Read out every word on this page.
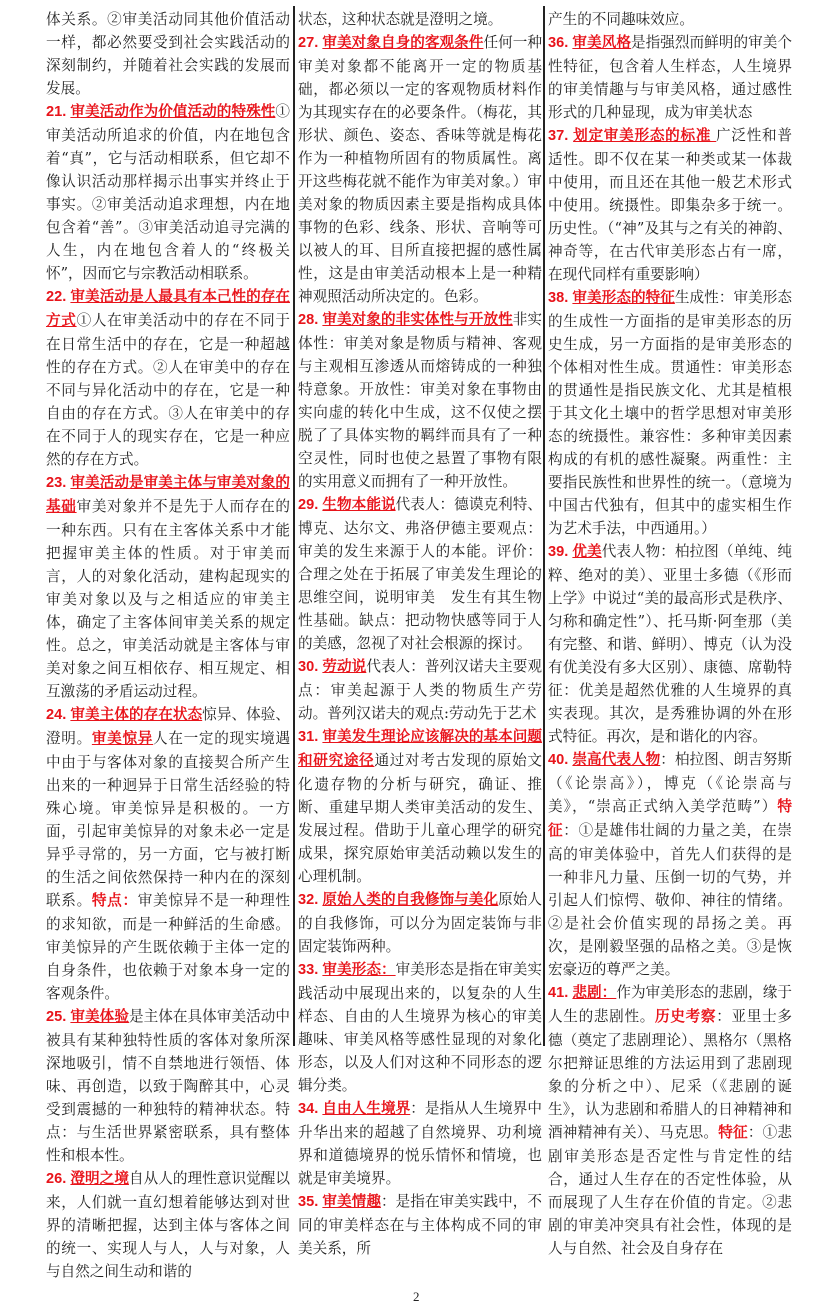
体关系。②审美活动同其他价值活动一样，都必然要受到社会实践活动的深刻制约，并随着社会实践的发展而发展。

21. 审美活动作为价值活动的特殊性①审美活动所追求的价值，内在地包含着“真”，它与活动相联系，但它却不像认识活动那样揭示出事实并终止于事实。②审美活动追求理想，内在地包含着“善”。③审美活动追寻完满的人生，内在地包含着人的“终极关怀”，因而它与宗教活动相联系。

22. 审美活动是人最具有本己性的存在方式①人在审美活动中的存在不同于在日常生活中的存在，它是一种超越性的存在方式。②人在审美中的存在不同与异化活动中的存在，它是一种自由的存在方式。③人在审美中的存在不同于人的现实存在，它是一种应然的存在方式。

23. 审美活动是审美主体与审美对象的基础审美对象并不是先于人而存在的一种东西。只有在主客体关系中才能把握审美主体的性质。对于审美而言，人的对象化活动，建构起现实的审美对象以及与之相适应的审美主体，确定了主客体间审美关系的规定性。总之，审美活动就是主客体与审美对象之间互相依存、相互规定、相互激荡的矛盾运动过程。

24. 审美主体的存在状态惊异、体验、澄明。审美惊异人在一定的现实境遇中由于与客体对象的直接契合所产生出来的一种迥异于日常生活经验的特殊心境。审美惊异是积极的。一方面，引起审美惊异的对象未必一定是异乎寻常的，另一方面，它与被打断的生活之间依然保持一种内在的深刻联系。特点：审美惊异不是一种理性的求知欲，而是一种鲜活的生命感。审美惊异的产生既依赖于主体一定的自身条件，也依赖于对象本身一定的客观条件。

25. 审美体验是主体在具体审美活动中被具有某种独特性质的客体对象所深深地吸引，情不自禁地进行领悟、体味、再创造，以致于陶醉其中，心灵受到震撼的一种独特的精神状态。特点：与生活世界紧密联系，具有整体性和根本性。

26. 澄明之境自从人的理性意识觉醒以来，人们就一直幻想着能够达到对世界的清晰把握，达到主体与客体之间的统一、实现人与人，人与对象，人与自然之间生动和谐的

状态，这种状态就是澄明之境。

27. 审美对象自身的客观条件任何一种审美对象都不能离开一定的物质基础，都必须以一定的客观物质材料作为其现实存在的必要条件。（梅花，其形状、颜色、姿态、香味等就是梅花作为一种植物所固有的物质属性。离开这些梅花就不能作为审美对象。）审美对象的物质因素主要是指构成具体事物的色彩、线条、形状、音响等可以被人的耳、目所直接把握的感性属性，这是由审美活动根本上是一种精神观照活动所决定的。色彩。

28. 审美对象的非实体性与开放性非实体性：审美对象是物质与精神、客观与主观相互渗透从而熔铸成的一种独特意象。开放性：审美对象在事物由实向虚的转化中生成，这不仅使之摆脱了了具体实物的羁绊而具有了一种空灵性，同时也使之悬置了事物有限的实用意义而拥有了一种开放性。

29. 生物本能说代表人：德谟克利特、博克、达尔文、弗洛伊德主要观点：审美的发生来源于人的本能。评价：合理之处在于拓展了审美发生理论的思维空间，说明审美　发生有其生物性基础。缺点：把动物快感等同于人的美感，忽视了对社会根源的探讨。

30. 劳动说代表人：普列汉诺夫主要观点：审美起源于人类的物质生产劳动。普列汉诺夫的观点:劳动先于艺术

31. 审美发生理论应该解决的基本问题和研究途径通过对考古发现的原始文化遗存物的分析与研究，确证、推断、重建早期人类审美活动的发生、发展过程。借助于儿童心理学的研究成果，探究原始审美活动赖以发生的心理机制。

32. 原始人类的自我修饰与美化原始人的自我修饰，可以分为固定装饰与非固定装饰两种。

33. 审美形态：审美形态是指在审美实践活动中展现出来的，以复杂的人生样态、自由的人生境界为核心的审美趣味、审美风格等感性显现的对象化形态，以及人们对这种不同形态的逻辑分类。

34. 自由人生境界：是指从人生境界中升华出来的超越了自然境界、功利境界和道德境界的悦乐情怀和情境，也就是审美境界。

35. 审美情趣：是指在审美实践中，不同的审美样态在与主体构成不同的审美关系，所

产生的不同趣味效应。

36. 审美风格是指强烈而鲜明的审美个性特征，包含着人生样态，人生境界的审美情趣与与审美风格，通过感性形式的几种显现，成为审美状态

37. 划定审美形态的标准 广泛性和普适性。即不仅在某一种类或某一体裁中使用，而且还在其他一般艺术形式中使用。统摄性。即集杂多于统一。历史性。（“神”及其与之有关的神韵、神奇等，在古代审美形态占有一席，在现代同样有重要影响）

38. 审美形态的特征生成性：审美形态的生成性一方面指的是审美形态的历史生成，另一方面指的是审美形态的个体相对性生成。贯通性：审美形态的贯通性是指民族文化、尤其是植根于其文化土壤中的哲学思想对审美形态的统摄性。兼容性：多种审美因素构成的有机的感性凝聚。两重性：主要指民族性和世界性的统一。（意境为中国古代独有，但其中的虚实相生作为艺术手法，中西通用。）

39. 优美代表人物：柏拉图（单纯、纯粹、绝对的美）、亚里士多德（《形而上学》中说过“美的最高形式是秩序、匀称和确定性”）、托马斯·阿奎那（美有完整、和谐、鲜明）、博克（认为没有优美没有多大区别）、康德、席勒特征：优美是超然优雅的人生境界的真实表现。其次，是秀雅协调的外在形式特征。再次，是和谐化的内容。

40. 崇高代表人物：柏拉图、朗吉努斯（《论崇高》），博克（《论崇高与美》，“崇高正式纳入美学范畴”）特征：①是雄伟壮阔的力量之美，在崇高的审美体验中，首先人们获得的是一种非凡力量、压倒一切的气势，并引起人们惊愕、敬仰、神往的情绪。②是社会价值实现的昂扬之美。再次，是刚毅坚强的品格之美。③是恢宏豪迈的尊严之美。

41. 悲剧：作为审美形态的悲剧，缘于人生的悲剧性。历史考察：亚里士多德（奠定了悲剧理论）、黑格尔（黑格尔把辩证思维的方法运用到了悲剧现象的分析之中）、尼采（《悲剧的诞生》，认为悲剧和希腊人的日神精神和酒神精神有关）、马克思。特征：①悲剧审美形态是否定性与肯定性的结合，通过人生存在的否定性体验，从而展现了人生存在价值的肯定。②悲剧的审美冲突具有社会性，体现的是人与自然、社会及自身存在

2
